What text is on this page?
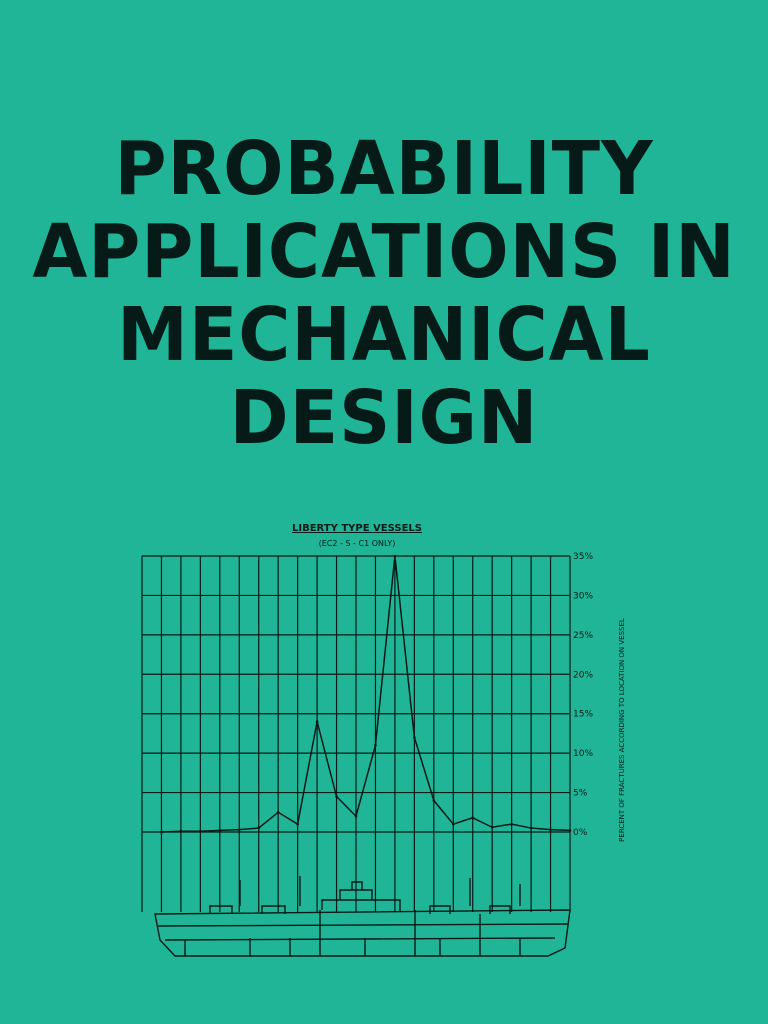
PROBABILITY
APPLICATIONS IN
MECHANICAL
DESIGN
LIBERTY TYPE VESSELS
(EC2 - S - C1 ONLY)
0%
5%
10%
15%
20%
25%
30%
35%
PERCENT OF FRACTURES ACCORDING TO LOCATION ON VESSEL
